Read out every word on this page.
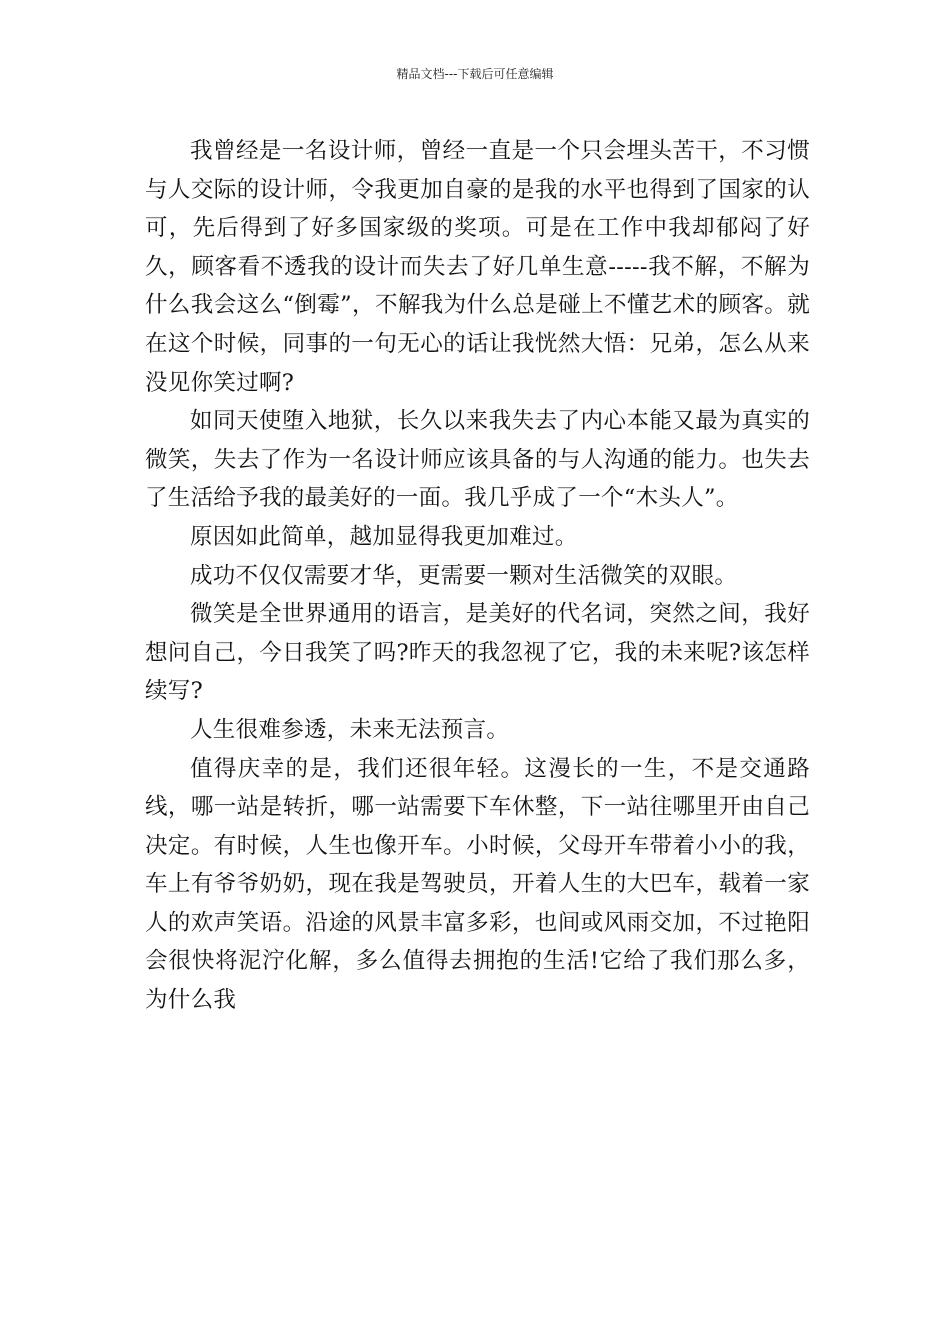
精品文档---下载后可任意编辑

我曾经是一名设计师，曾经一直是一个只会埋头苦干，不习惯与人交际的设计师，令我更加自豪的是我的水平也得到了国家的认可，先后得到了好多国家级的奖项。可是在工作中我却郁闷了好久，顾客看不透我的设计而失去了好几单生意-----我不解，不解为什么我会这么“倒霉”，不解我为什么总是碰上不懂艺术的顾客。就在这个时候，同事的一句无心的话让我恍然大悟：兄弟，怎么从来没见你笑过啊?

如同天使堕入地狱，长久以来我失去了内心本能又最为真实的微笑，失去了作为一名设计师应该具备的与人沟通的能力。也失去了生活给予我的最美好的一面。我几乎成了一个“木头人”。

原因如此简单，越加显得我更加难过。

成功不仅仅需要才华，更需要一颗对生活微笑的双眼。

微笑是全世界通用的语言，是美好的代名词，突然之间，我好想问自己，今日我笑了吗?昨天的我忽视了它，我的未来呢?该怎样续写?

人生很难参透，未来无法预言。

值得庆幸的是，我们还很年轻。这漫长的一生，不是交通路线，哪一站是转折，哪一站需要下车休整，下一站往哪里开由自己决定。有时候，人生也像开车。小时候，父母开车带着小小的我，车上有爷爷奶奶，现在我是驾驶员，开着人生的大巴车，载着一家人的欢声笑语。沿途的风景丰富多彩，也间或风雨交加，不过艳阳会很快将泥泞化解，多么值得去拥抱的生活!它给了我们那么多，为什么我
